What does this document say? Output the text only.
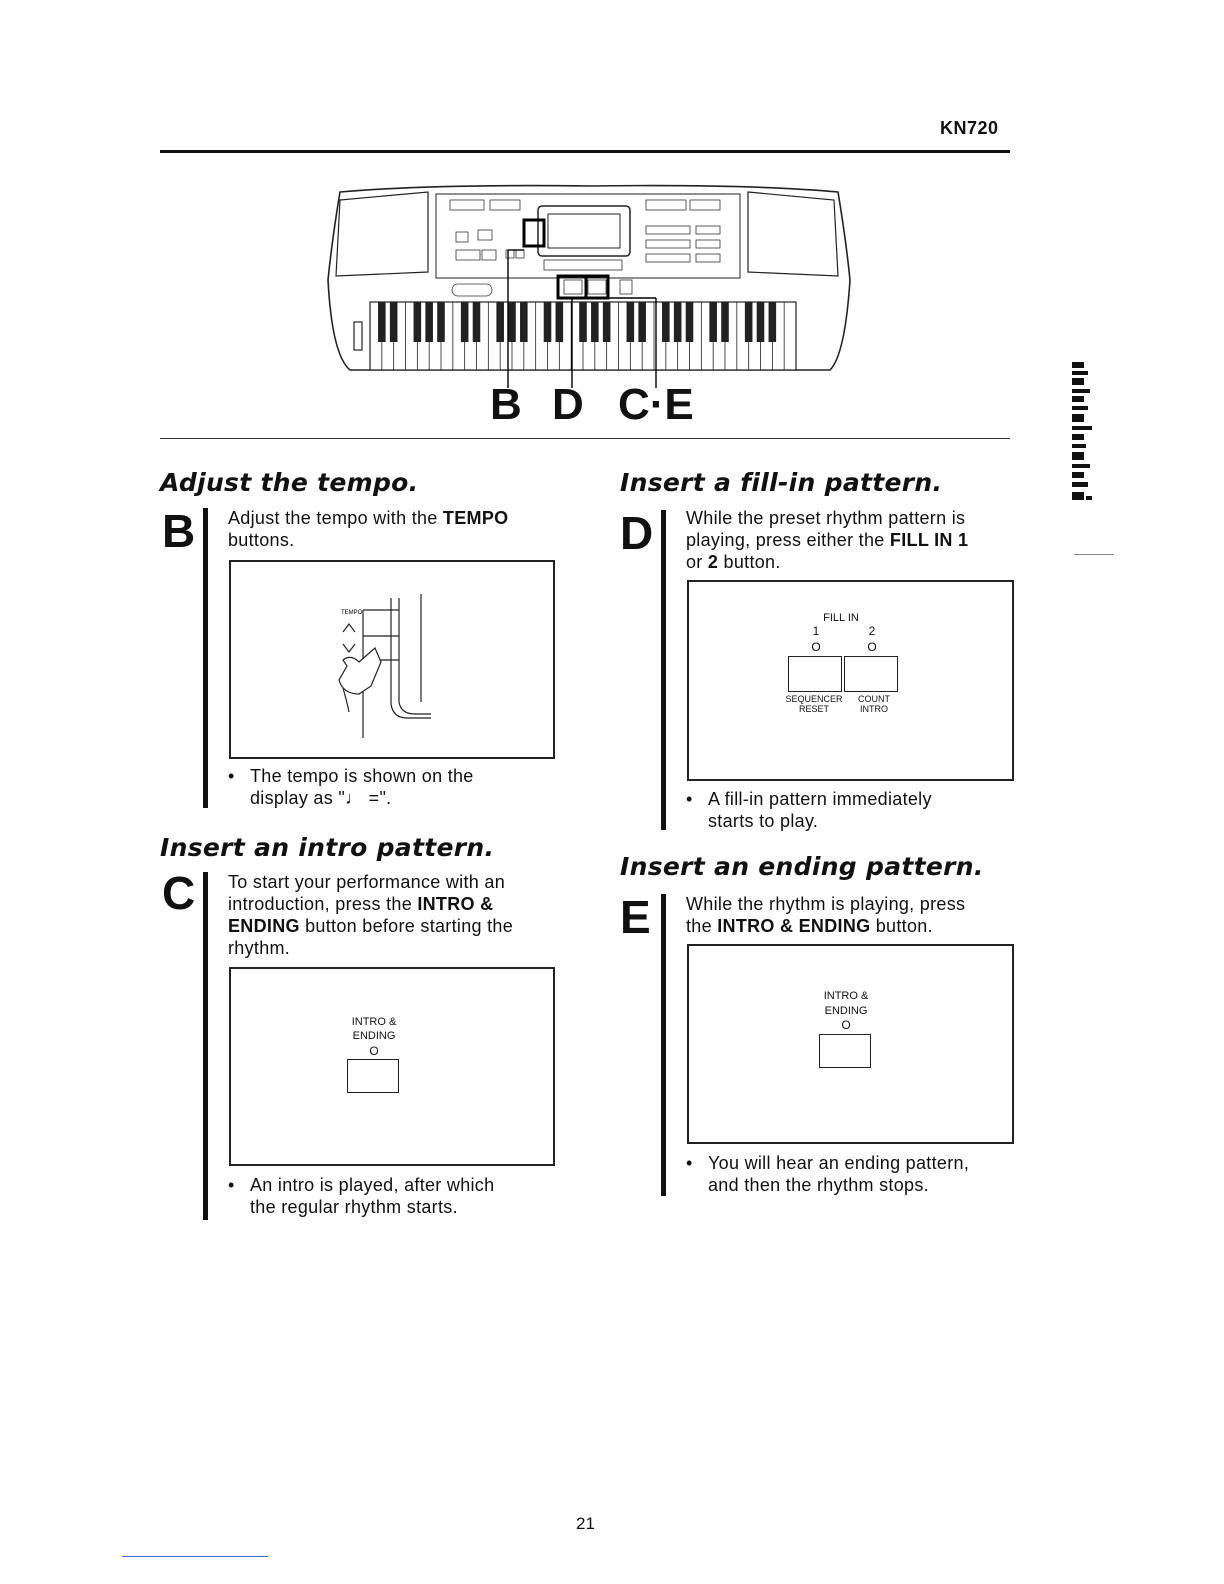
KN720
B D C·E
Adjust the tempo.
B Adjust the tempo with the TEMPO
buttons.
TEMPO
• The tempo is shown on the
display as "♩ =".
Insert an intro pattern.
C To start your performance with an
introduction, press the INTRO &
ENDING button before starting the
rhythm.
INTRO &
ENDING
O
• An intro is played, after which
the regular rhythm starts.
Insert a fill-in pattern.
D While the preset rhythm pattern is
playing, press either the FILL IN 1
or 2 button.
FILL IN
1	2
O	O
SEQUENCER
RESET
COUNT
INTRO
• A fill-in pattern immediately
starts to play.
Insert an ending pattern.
E While the rhythm is playing, press
the INTRO & ENDING button.
INTRO &
ENDING
O
• You will hear an ending pattern,
and then the rhythm stops.
21
